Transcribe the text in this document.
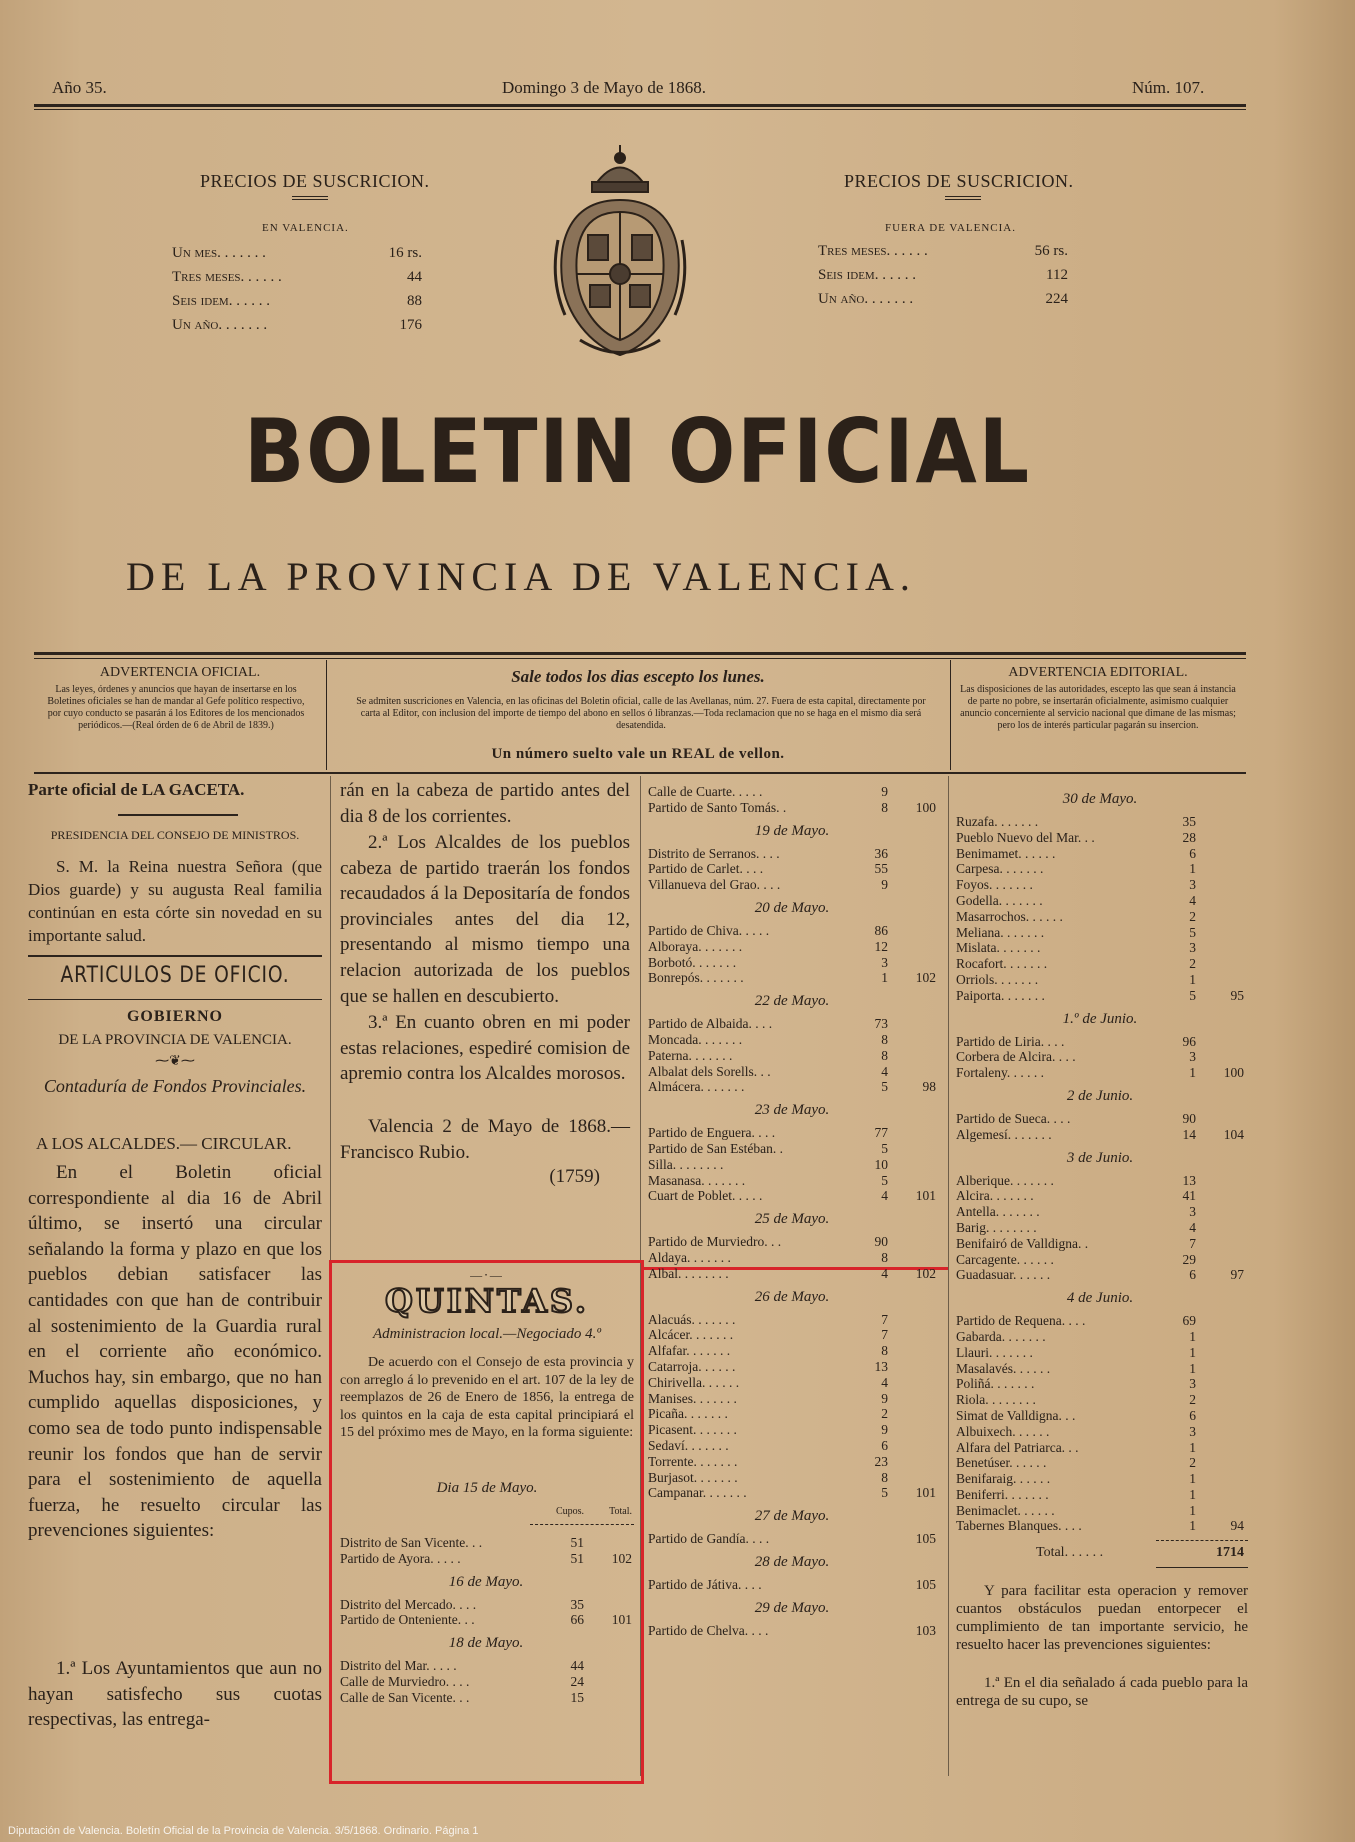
Año 35.	Domingo 3 de Mayo de 1868.	Núm. 107.
PRECIOS DE SUSCRICION.
EN VALENCIA.
Un mes. . . . . . .	16 rs.
Tres meses. . . . . .	44
Seis idem. . . . . .	88
Un año. . . . . . .	176
PRECIOS DE SUSCRICION.
FUERA DE VALENCIA.
Tres meses. . . . . .	56 rs.
Seis idem. . . . . .	112
Un año. . . . . . .	224
BOLETIN OFICIAL
DE LA PROVINCIA DE VALENCIA.
ADVERTENCIA OFICIAL.
Las leyes, órdenes y anuncios que hayan de insertarse en los Boletines oficiales se han de mandar al Gefe político respectivo, por cuyo conducto se pasarán á los Editores de los mencionados periódicos.—(Real órden de 6 de Abril de 1839.)
Sale todos los dias escepto los lunes.
Se admiten suscriciones en Valencia, en las oficinas del Boletin oficial, calle de las Avellanas, núm. 27. Fuera de esta capital, directamente por carta al Editor, con inclusion del importe de tiempo del abono en sellos ó libranzas.—Toda reclamacion que no se haga en el mismo dia será desatendida.
Un número suelto vale un REAL de vellon.
ADVERTENCIA EDITORIAL.
Las disposiciones de las autoridades, escepto las que sean á instancia de parte no pobre, se insertarán oficialmente, asimismo cualquier anuncio concerniente al servicio nacional que dimane de las mismas; pero los de interés particular pagarán su insercion.
Parte oficial de LA GACETA.
PRESIDENCIA DEL CONSEJO DE MINISTROS.
S. M. la Reina nuestra Señora (que Dios guarde) y su augusta Real familia continúan en esta córte sin novedad en su importante salud.
ARTICULOS DE OFICIO.
GOBIERNO
DE LA PROVINCIA DE VALENCIA.
⁓❦⁓
Contaduría de Fondos Provinciales.
A LOS ALCALDES.— CIRCULAR.
En el Boletin oficial correspondiente al dia 16 de Abril último, se insertó una circular señalando la forma y plazo en que los pueblos debian satisfacer las cantidades con que han de contribuir al sostenimiento de la Guardia rural en el corriente año económico. Muchos hay, sin embargo, que no han cumplido aquellas disposiciones, y como sea de todo punto indispensable reunir los fondos que han de servir para el sostenimiento de aquella fuerza, he resuelto circular las prevenciones siguientes:
1.ª Los Ayuntamientos que aun no hayan satisfecho sus cuotas respectivas, las entrega-
rán en la cabeza de partido antes del dia 8 de los corrientes.
2.ª Los Alcaldes de los pueblos cabeza de partido traerán los fondos recaudados á la Depositaría de fondos provinciales antes del dia 12, presentando al mismo tiempo una relacion autorizada de los pueblos que se hallen en descubierto.
3.ª En cuanto obren en mi poder estas relaciones, espediré comision de apremio contra los Alcaldes morosos.
Valencia 2 de Mayo de 1868.—Francisco Rubio.
(1759)
—⋅—
QUINTAS.
Administracion local.—Negociado 4.º
De acuerdo con el Consejo de esta provincia y con arreglo á lo prevenido en el art. 107 de la ley de reemplazos de 26 de Enero de 1856, la entrega de los quintos en la caja de esta capital principiará el 15 del próximo mes de Mayo, en la forma siguiente:
Dia 15 de Mayo.
Cupos.	Total.
Distrito de San Vicente. . .	51
Partido de Ayora. . . . .	51	102
16 de Mayo.
Distrito del Mercado. . . .	35
Partido de Onteniente. . .	66	101
18 de Mayo.
Distrito del Mar. . . . .	44
Calle de Murviedro. . . .	24
Calle de San Vicente. . .	15
Calle de Cuarte. . . . .	9
Partido de Santo Tomás. .	8	100
19 de Mayo.
Distrito de Serranos. . . .	36
Partido de Carlet. . . .	55
Villanueva del Grao. . . .	9
20 de Mayo.
Partido de Chiva. . . . .	86
Alboraya. . . . . . .	12
Borbotó. . . . . . .	3
Bonrepós. . . . . . .	1	102
22 de Mayo.
Partido de Albaida. . . .	73
Moncada. . . . . . .	8
Paterna. . . . . . .	8
Albalat dels Sorells. . .	4
Almácera. . . . . . .	5	98
23 de Mayo.
Partido de Enguera. . . .	77
Partido de San Estéban. .	5
Silla. . . . . . . .	10
Masanasa. . . . . . .	5
Cuart de Poblet. . . . .	4	101
25 de Mayo.
Partido de Murviedro. . .	90
Aldaya. . . . . . .	8
Albal. . . . . . . .	4	102
26 de Mayo.
Alacuás. . . . . . .	7
Alcácer. . . . . . .	7
Alfafar. . . . . . .	8
Catarroja. . . . . .	13
Chirivella. . . . . .	4
Manises. . . . . . .	9
Picaña. . . . . . .	2
Picasent. . . . . . .	9
Sedaví. . . . . . .	6
Torrente. . . . . . .	23
Burjasot. . . . . . .	8
Campanar. . . . . . .	5	101
27 de Mayo.
Partido de Gandía. . . .	105
28 de Mayo.
Partido de Játiva. . . .	105
29 de Mayo.
Partido de Chelva. . . .	103
30 de Mayo.
Ruzafa. . . . . . .	35
Pueblo Nuevo del Mar. . .	28
Benimamet. . . . . .	6
Carpesa. . . . . . .	1
Foyos. . . . . . .	3
Godella. . . . . . .	4
Masarrochos. . . . . .	2
Meliana. . . . . . .	5
Mislata. . . . . . .	3
Rocafort. . . . . . .	2
Orriols. . . . . . .	1
Paiporta. . . . . . .	5	95
1.º de Junio.
Partido de Liria. . . .	96
Corbera de Alcira. . . .	3
Fortaleny. . . . . .	1	100
2 de Junio.
Partido de Sueca. . . .	90
Algemesí. . . . . . .	14	104
3 de Junio.
Alberique. . . . . . .	13
Alcira. . . . . . .	41
Antella. . . . . . .	3
Barig. . . . . . . .	4
Benifairó de Valldigna. .	7
Carcagente. . . . . .	29
Guadasuar. . . . . .	6	97
4 de Junio.
Partido de Requena. . . .	69
Gabarda. . . . . . .	1
Llauri. . . . . . .	1
Masalavés. . . . . .	1
Poliñá. . . . . . .	3
Riola. . . . . . . .	2
Simat de Valldigna. . .	6
Albuixech. . . . . .	3
Alfara del Patriarca. . .	1
Benetúser. . . . . .	2
Benifaraig. . . . . .	1
Beniferri. . . . . . .	1
Benimaclet. . . . . .	1
Tabernes Blanques. . . .	1	94
Total. . . . . .	1714
Y para facilitar esta operacion y remover cuantos obstáculos puedan entorpecer el cumplimiento de tan importante servicio, he resuelto hacer las prevenciones siguientes:
1.ª En el dia señalado á cada pueblo para la entrega de su cupo, se
Diputación de Valencia. Boletín Oficial de la Provincia de Valencia. 3/5/1868. Ordinario. Página 1
